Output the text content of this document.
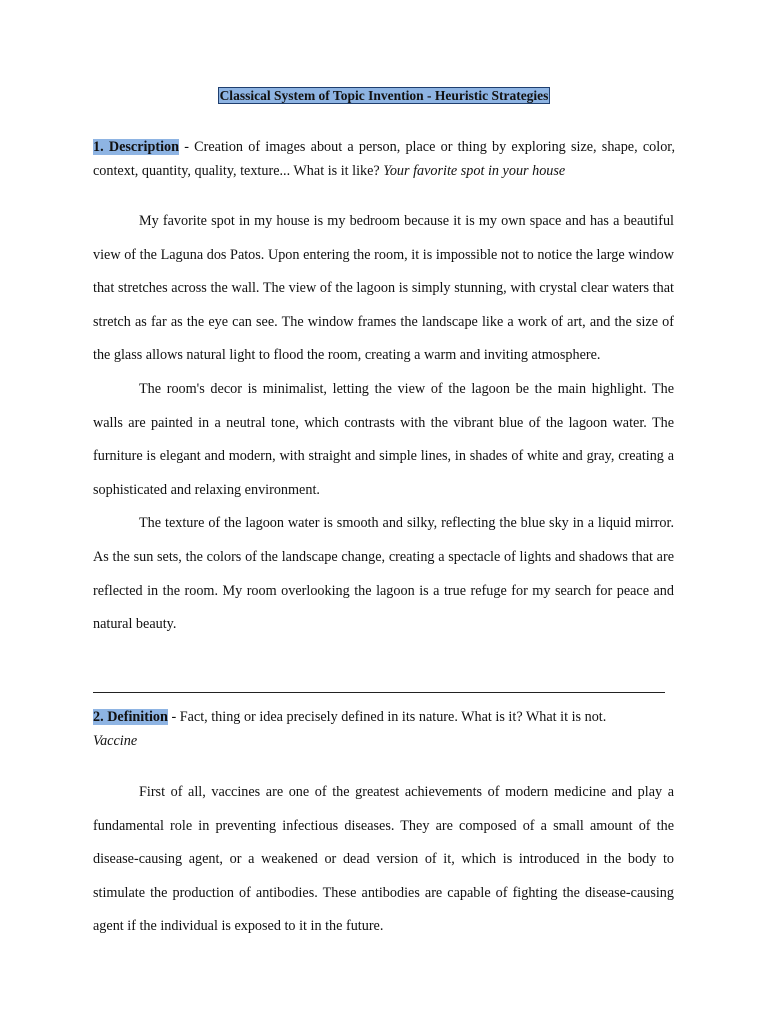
Classical System of Topic Invention - Heuristic Strategies
1. Description - Creation of images about a person, place or thing by exploring size, shape, color, context, quantity, quality, texture... What is it like? Your favorite spot in your house

My favorite spot in my house is my bedroom because it is my own space and has a beautiful view of the Laguna dos Patos. Upon entering the room, it is impossible not to notice the large window that stretches across the wall. The view of the lagoon is simply stunning, with crystal clear waters that stretch as far as the eye can see. The window frames the landscape like a work of art, and the size of the glass allows natural light to flood the room, creating a warm and inviting atmosphere.

The room's decor is minimalist, letting the view of the lagoon be the main highlight. The walls are painted in a neutral tone, which contrasts with the vibrant blue of the lagoon water. The furniture is elegant and modern, with straight and simple lines, in shades of white and gray, creating a sophisticated and relaxing environment.

The texture of the lagoon water is smooth and silky, reflecting the blue sky in a liquid mirror. As the sun sets, the colors of the landscape change, creating a spectacle of lights and shadows that are reflected in the room. My room overlooking the lagoon is a true refuge for my search for peace and natural beauty.

2. Definition - Fact, thing or idea precisely defined in its nature. What is it? What it is not.
Vaccine

First of all, vaccines are one of the greatest achievements of modern medicine and play a fundamental role in preventing infectious diseases. They are composed of a small amount of the disease-causing agent, or a weakened or dead version of it, which is introduced in the body to stimulate the production of antibodies. These antibodies are capable of fighting the disease-causing agent if the individual is exposed to it in the future.
